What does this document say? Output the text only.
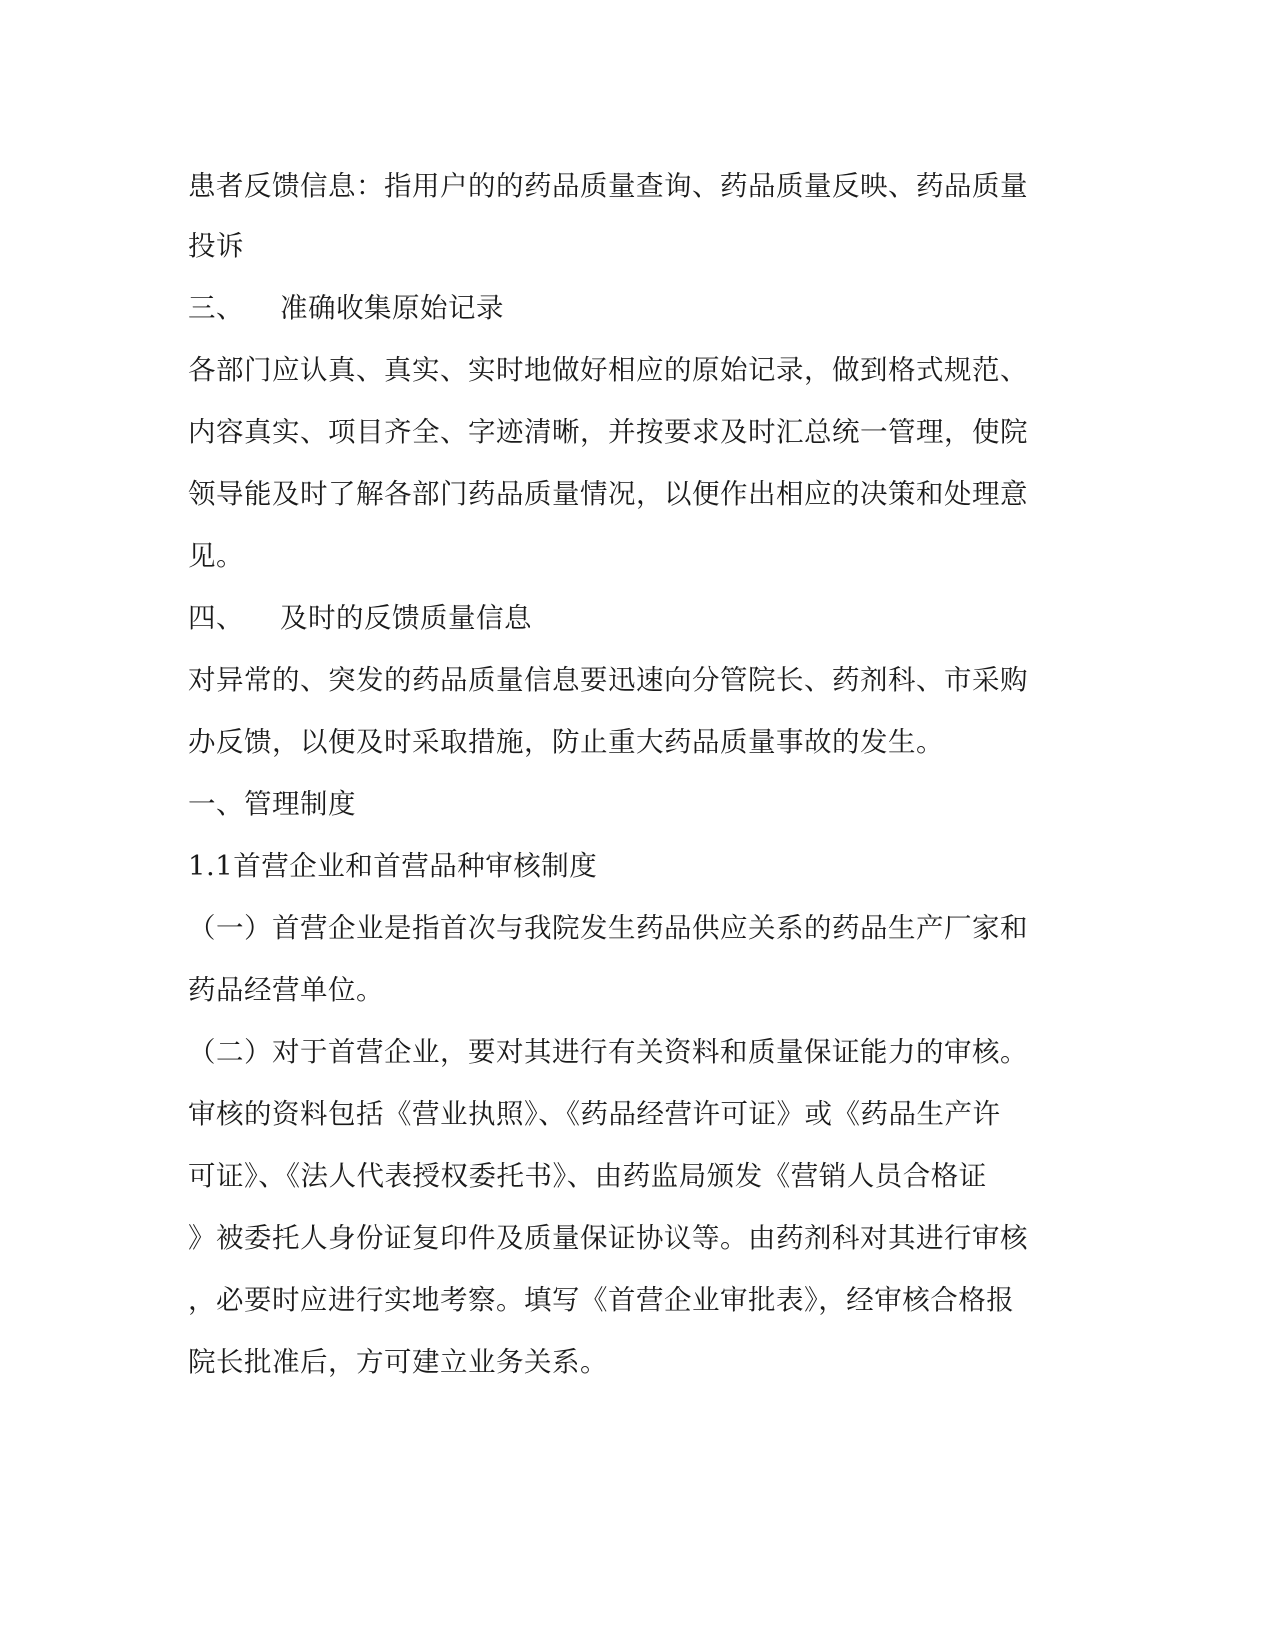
患者反馈信息：指用户的的药品质量查询、药品质量反映、药品质量
投诉
三、 准确收集原始记录
各部门应认真、真实、实时地做好相应的原始记录，做到格式规范、
内容真实、项目齐全、字迹清晰，并按要求及时汇总统一管理，使院
领导能及时了解各部门药品质量情况，以便作出相应的决策和处理意
见。
四、 及时的反馈质量信息
对异常的、突发的药品质量信息要迅速向分管院长、药剂科、市采购
办反馈，以便及时采取措施，防止重大药品质量事故的发生。
一、管理制度
1.1首营企业和首营品种审核制度
（一）首营企业是指首次与我院发生药品供应关系的药品生产厂家和
药品经营单位。
（二）对于首营企业，要对其进行有关资料和质量保证能力的审核。
审核的资料包括《营业执照》、《药品经营许可证》或《药品生产许
可证》、《法人代表授权委托书》、由药监局颁发《营销人员合格证
》被委托人身份证复印件及质量保证协议等。由药剂科对其进行审核
，必要时应进行实地考察。填写《首营企业审批表》，经审核合格报
院长批准后，方可建立业务关系。
